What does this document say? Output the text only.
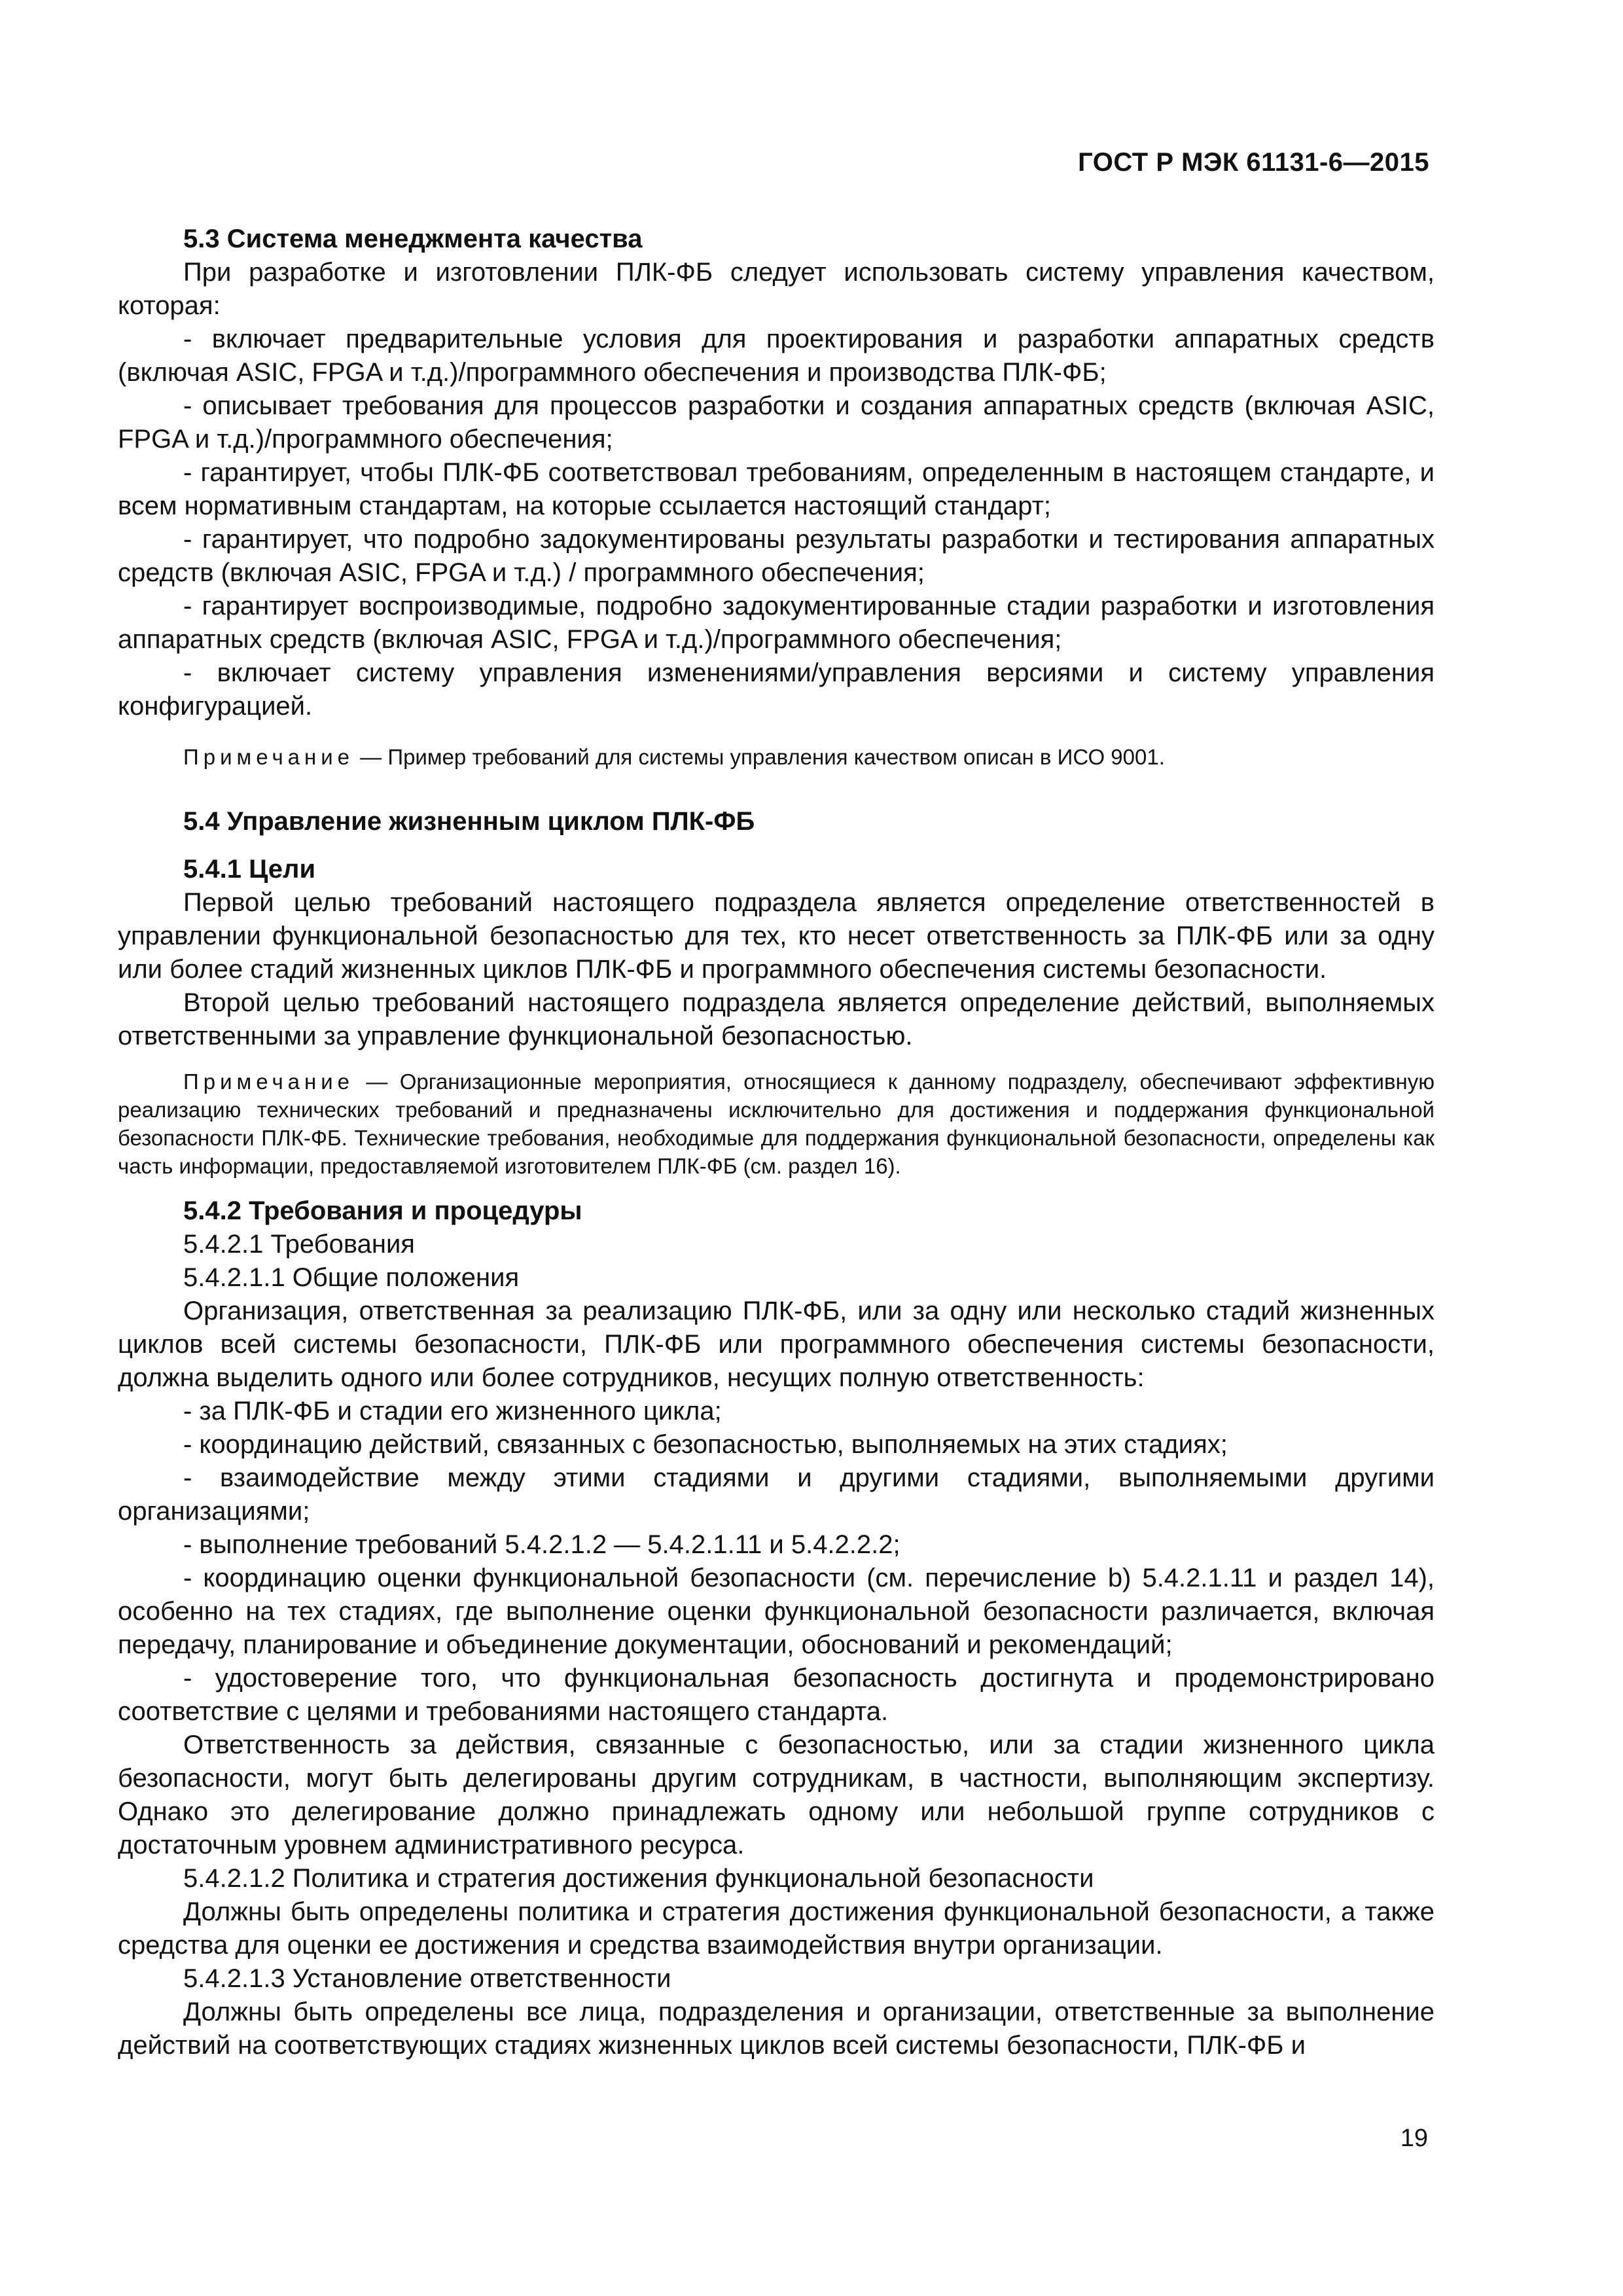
ГОСТ Р МЭК 61131-6—2015
5.3 Система менеджмента качества

При разработке и изготовлении ПЛК-ФБ следует использовать систему управления качеством, которая:

- включает предварительные условия для проектирования и разработки аппаратных средств (включая ASIC, FPGA и т.д.)/программного обеспечения и производства ПЛК-ФБ;

- описывает требования для процессов разработки и создания аппаратных средств (включая ASIC, FPGA и т.д.)/программного обеспечения;

- гарантирует, чтобы ПЛК-ФБ соответствовал требованиям, определенным в настоящем стандарте, и всем нормативным стандартам, на которые ссылается настоящий стандарт;

- гарантирует, что подробно задокументированы результаты разработки и тестирования аппаратных средств (включая ASIC, FPGA и т.д.) / программного обеспечения;

- гарантирует воспроизводимые, подробно задокументированные стадии разработки и изготовления аппаратных средств (включая ASIC, FPGA и т.д.)/программного обеспечения;

- включает систему управления изменениями/управления версиями и систему управления конфигурацией.

Примечание — Пример требований для системы управления качеством описан в ИСО 9001.
5.4 Управление жизненным циклом ПЛК-ФБ
5.4.1 Цели

Первой целью требований настоящего подраздела является определение ответственностей в управлении функциональной безопасностью для тех, кто несет ответственность за ПЛК-ФБ или за одну или более стадий жизненных циклов ПЛК-ФБ и программного обеспечения системы безопасности.

Второй целью требований настоящего подраздела является определение действий, выполняемых ответственными за управление функциональной безопасностью.

Примечание — Организационные мероприятия, относящиеся к данному подразделу, обеспечивают эффективную реализацию технических требований и предназначены исключительно для достижения и поддержания функциональной безопасности ПЛК-ФБ. Технические требования, необходимые для поддержания функциональной безопасности, определены как часть информации, предоставляемой изготовителем ПЛК-ФБ (см. раздел 16).
5.4.2 Требования и процедуры

5.4.2.1 Требования

5.4.2.1.1 Общие положения

Организация, ответственная за реализацию ПЛК-ФБ, или за одну или несколько стадий жизненных циклов всей системы безопасности, ПЛК-ФБ или программного обеспечения системы безопасности, должна выделить одного или более сотрудников, несущих полную ответственность:

- за ПЛК-ФБ и стадии его жизненного цикла;

- координацию действий, связанных с безопасностью, выполняемых на этих стадиях;

- взаимодействие между этими стадиями и другими стадиями, выполняемыми другими организациями;

- выполнение требований 5.4.2.1.2 — 5.4.2.1.11 и 5.4.2.2.2;

- координацию оценки функциональной безопасности (см. перечисление b) 5.4.2.1.11 и раздел 14), особенно на тех стадиях, где выполнение оценки функциональной безопасности различается, включая передачу, планирование и объединение документации, обоснований и рекомендаций;

- удостоверение того, что функциональная безопасность достигнута и продемонстрировано соответствие с целями и требованиями настоящего стандарта.

Ответственность за действия, связанные с безопасностью, или за стадии жизненного цикла безопасности, могут быть делегированы другим сотрудникам, в частности, выполняющим экспертизу. Однако это делегирование должно принадлежать одному или небольшой группе сотрудников с достаточным уровнем административного ресурса.

5.4.2.1.2 Политика и стратегия достижения функциональной безопасности

Должны быть определены политика и стратегия достижения функциональной безопасности, а также средства для оценки ее достижения и средства взаимодействия внутри организации.

5.4.2.1.3 Установление ответственности

Должны быть определены все лица, подразделения и организации, ответственные за выполнение действий на соответствующих стадиях жизненных циклов всей системы безопасности, ПЛК-ФБ и

19
